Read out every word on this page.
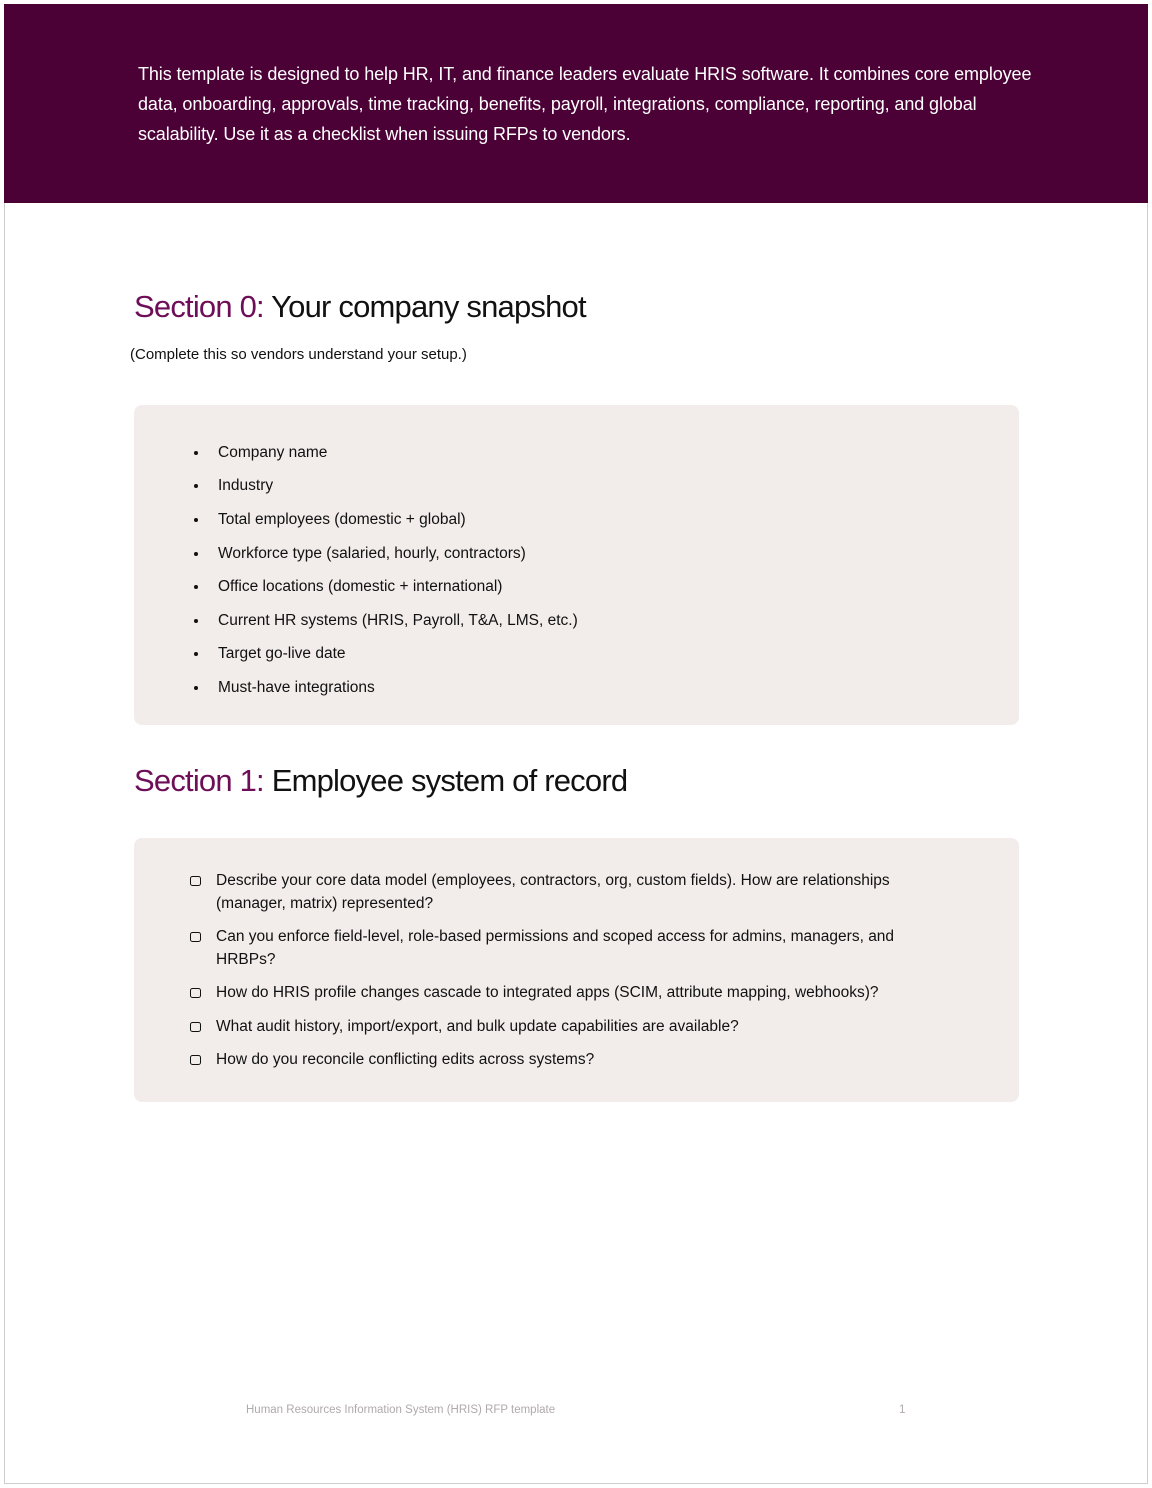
This template is designed to help HR, IT, and finance leaders evaluate HRIS software. It combines core employee data, onboarding, approvals, time tracking, benefits, payroll, integrations, compliance, reporting, and global scalability. Use it as a checklist when issuing RFPs to vendors.

Section 0: Your company snapshot

(Complete this so vendors understand your setup.)

Company name
Industry
Total employees (domestic + global)
Workforce type (salaried, hourly, contractors)
Office locations (domestic + international)
Current HR systems (HRIS, Payroll, T&A, LMS, etc.)
Target go-live date
Must-have integrations
Section 1: Employee system of record
Describe your core data model (employees, contractors, org, custom fields). How are relationships (manager, matrix) represented?
Can you enforce field-level, role-based permissions and scoped access for admins, managers, and HRBPs?
How do HRIS profile changes cascade to integrated apps (SCIM, attribute mapping, webhooks)?
What audit history, import/export, and bulk update capabilities are available?
How do you reconcile conflicting edits across systems?
Human Resources Information System (HRIS) RFP template	1
